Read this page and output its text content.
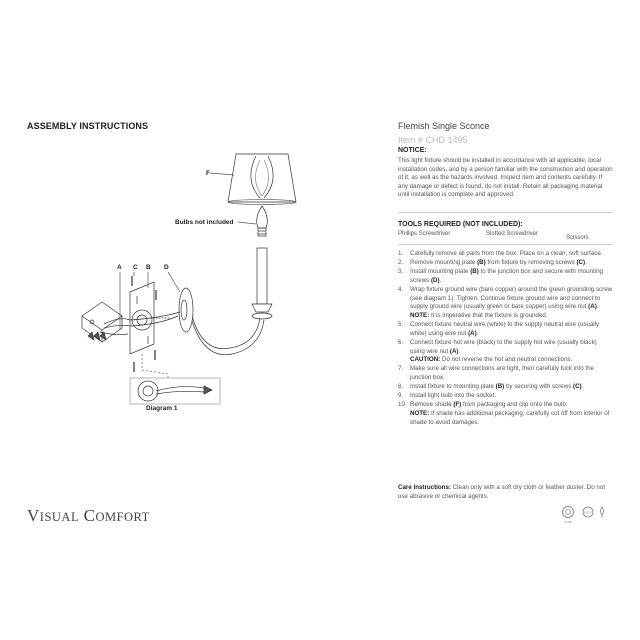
ASSEMBLY INSTRUCTIONS	Flemish Single Sconce
Item # CHD 1495
NOTICE:

This light fixture should be installed in accordance with all applicable, local installation codes, and by a person familiar with the construction and operation of it, as well as the hazards involved. Inspect item and contents carefully. If any damage or defect is found, do not install. Retain all packaging material until installation is complete and approved.

TOOLS REQUIRED (NOT INCLUDED):
Phillips Screwdriver	Slotted Screwdriver
Scissors
1.	Carefully remove all parts from the box. Place on a clean, soft surface.
2.	Remove mounting plate (B) from fixture by removing screws (C).
3.	Install mounting plate (B) to the junction box and secure with mounting screws (D).
4.	Wrap fixture ground wire (bare copper) around the green grounding screw (see diagram 1). Tighten. Continue fixture ground wire and connect to supply ground wire (usually green or bare copper) using wire nut (A).
NOTE: It is imperative that the fixture is grounded.
5.	Connect fixture neutral wire (white) to the supply neutral wire (usually white) using wire nut (A).
6.	Connect fixture hot wire (black) to the supply hot wire (usually black) using wire nut (A).
CAUTION: Do not reverse the hot and neutral connections.
7.	Make sure all wire connections are tight, then carefully tuck into the junction box.
8.	Install fixture to mounting plate (B) by securing with screws (C).
9.	Install light bulb into the socket.
10. Remove shade (F) from packaging and clip onto the bulb.
NOTE: If shade has additional packaging, carefully cut off from interior of shade to avoid damages.
Care Instructions: Clean only with a soft dry cloth or feather duster. Do not use abrasive or chemical agents.
c us
CSTY
VISUAL COMFORT
F
Bulbs not included
A C B D
Diagram 1
